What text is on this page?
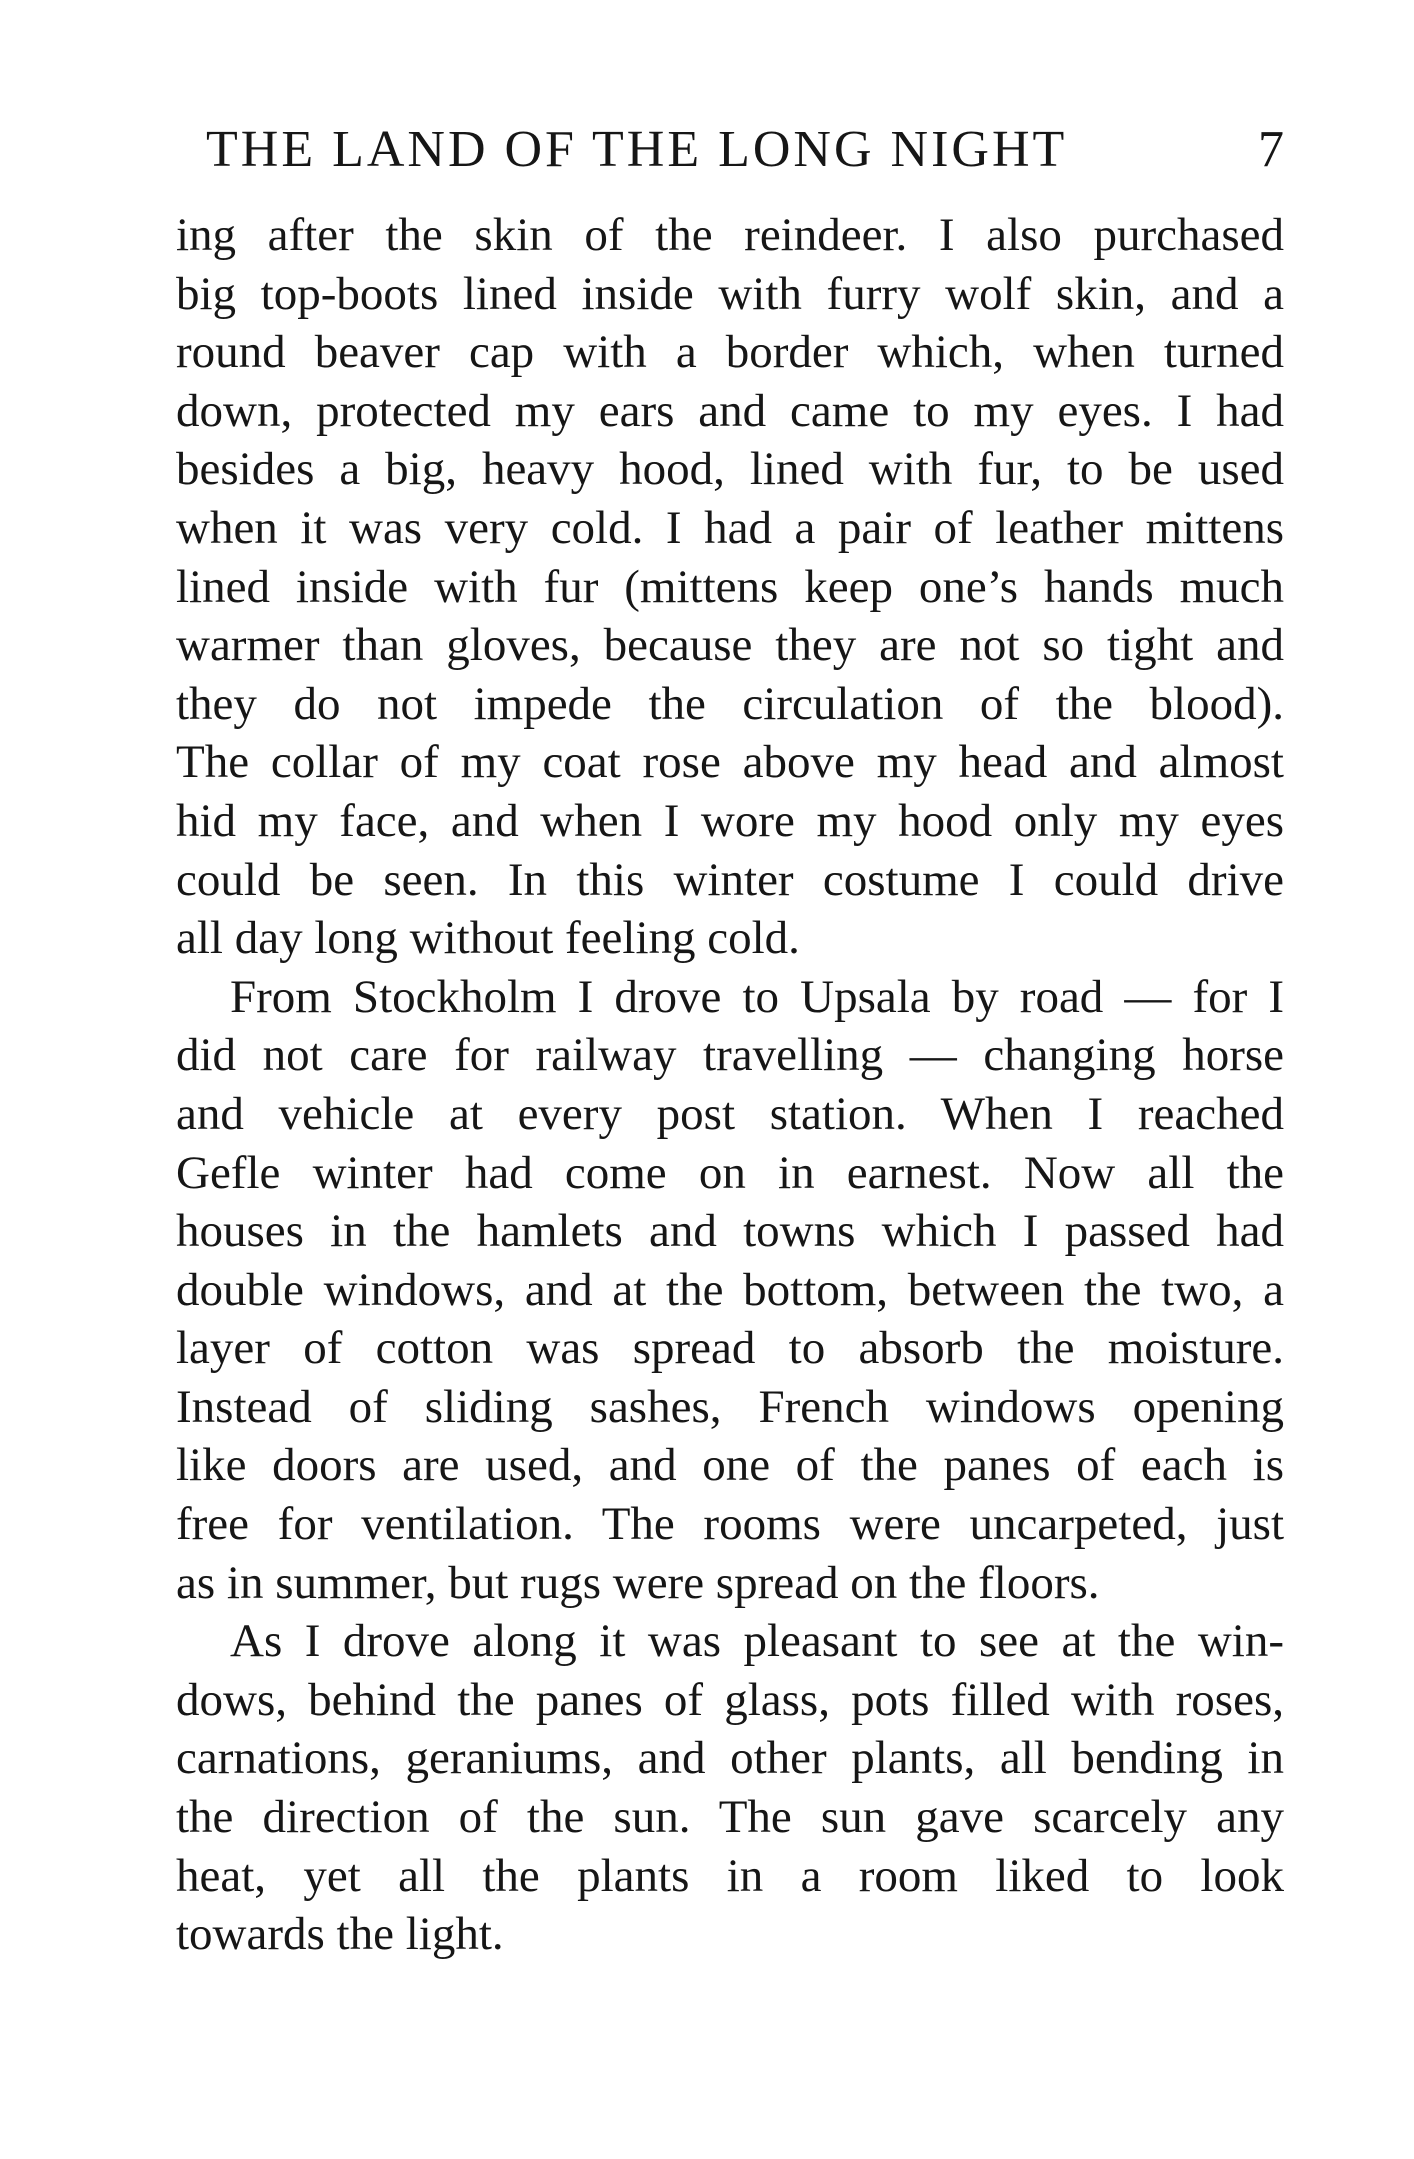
THE LAND OF THE LONG NIGHT	7
ing after the skin of the reindeer. I also purchased
big top-boots lined inside with furry wolf skin, and a
round beaver cap with a border which, when turned
down, protected my ears and came to my eyes. I had
besides a big, heavy hood, lined with fur, to be used
when it was very cold. I had a pair of leather mittens
lined inside with fur (mittens keep one’s hands much
warmer than gloves, because they are not so tight and
they do not impede the circulation of the blood).
The collar of my coat rose above my head and almost
hid my face, and when I wore my hood only my eyes
could be seen. In this winter costume I could drive
all day long without feeling cold.
From Stockholm I drove to Upsala by road — for I
did not care for railway travelling — changing horse
and vehicle at every post station. When I reached
Gefle winter had come on in earnest. Now all the
houses in the hamlets and towns which I passed had
double windows, and at the bottom, between the two, a
layer of cotton was spread to absorb the moisture.
Instead of sliding sashes, French windows opening
like doors are used, and one of the panes of each is
free for ventilation. The rooms were uncarpeted, just
as in summer, but rugs were spread on the floors.
As I drove along it was pleasant to see at the win-
dows, behind the panes of glass, pots filled with roses,
carnations, geraniums, and other plants, all bending in
the direction of the sun. The sun gave scarcely any
heat, yet all the plants in a room liked to look
towards the light.
